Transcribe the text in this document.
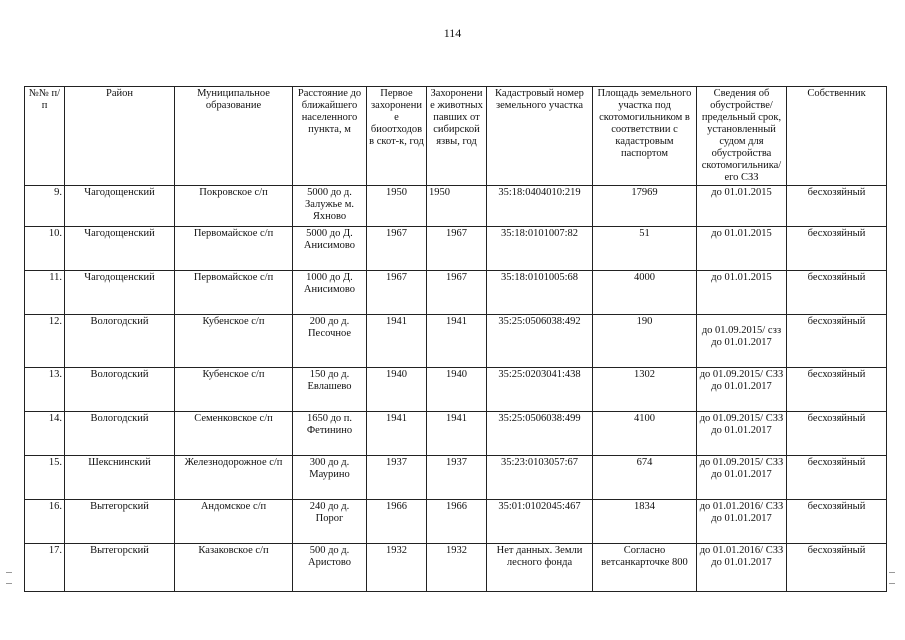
114
№№ п/п	Район	Муниципальное образование	Расстояние до ближайшего населенного пункта, м	Первое захоронени е биоотходов в скот-к, год	Захоронени е животных павших от сибирской язвы, год	Кадастровый номер земельного участка	Площадь земельного участка под скотомогильником в соответствии с кадастровым паспортом	Сведения об обустройстве/ предельный срок, установленный судом для обустройства скотомогильника/ его СЗЗ	Собственник
9.	Чагодощенский	Покровское с/п	5000 до д. Залужье м. Яхново	1950	1950	35:18:0404010:219	17969	до 01.01.2015	бесхозяйный
10.	Чагодощенский	Первомайское с/п	5000 до Д. Анисимово	1967	1967	35:18:0101007:82	51	до 01.01.2015	бесхозяйный
11.	Чагодощенский	Первомайское с/п	1000 до Д. Анисимово	1967	1967	35:18:0101005:68	4000	до 01.01.2015	бесхозяйный
12.	Вологодский	Кубенское с/п	200 до д. Песочное	1941	1941	35:25:0506038:492	190	до 01.09.2015/ сзз до 01.01.2017	бесхозяйный
13.	Вологодский	Кубенское с/п	150 до д. Евлашево	1940	1940	35:25:0203041:438	1302	до 01.09.2015/ СЗЗ до 01.01.2017	бесхозяйный
14.	Вологодский	Семенковское с/п	1650 до п. Фетинино	1941	1941	35:25:0506038:499	4100	до 01.09.2015/ СЗЗ до 01.01.2017	бесхозяйный
15.	Шекснинский	Железнодорожное с/п	300 до д. Маурино	1937	1937	35:23:0103057:67	674	до 01.09.2015/ СЗЗ до 01.01.2017	бесхозяйный
16.	Вытегорский	Андомское с/п	240 до д. Порог	1966	1966	35:01:0102045:467	1834	до 01.01.2016/ СЗЗ до 01.01.2017	бесхозяйный
17.	Вытегорский	Казаковское с/п	500 до д. Аристово	1932	1932	Нет данных. Земли лесного фонда	Согласно ветсанкарточке 800	до 01.01.2016/ СЗЗ до 01.01.2017	бесхозяйный
